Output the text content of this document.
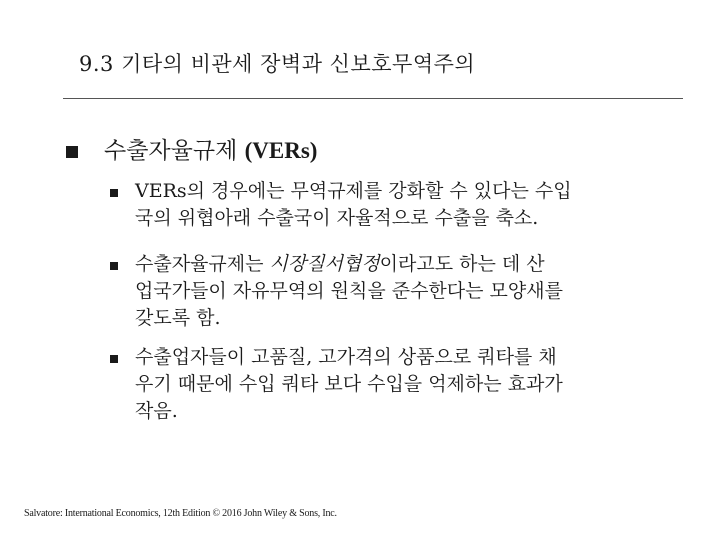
9.3 기타의 비관세 장벽과 신보호무역주의
수출자율규제 (VERs)
VERs의 경우에는 무역규제를 강화할 수 있다는 수입
국의 위협아래 수출국이 자율적으로 수출을 축소.
수출자율규제는 시장질서협정이라고도 하는 데 산
업국가들이 자유무역의 원칙을 준수한다는 모양새를
갖도록 함.
수출업자들이 고품질, 고가격의 상품으로 쿼타를 채
우기 때문에 수입 쿼타 보다 수입을 억제하는 효과가
작음.
Salvatore: International Economics, 12th Edition © 2016 John Wiley & Sons, Inc.
